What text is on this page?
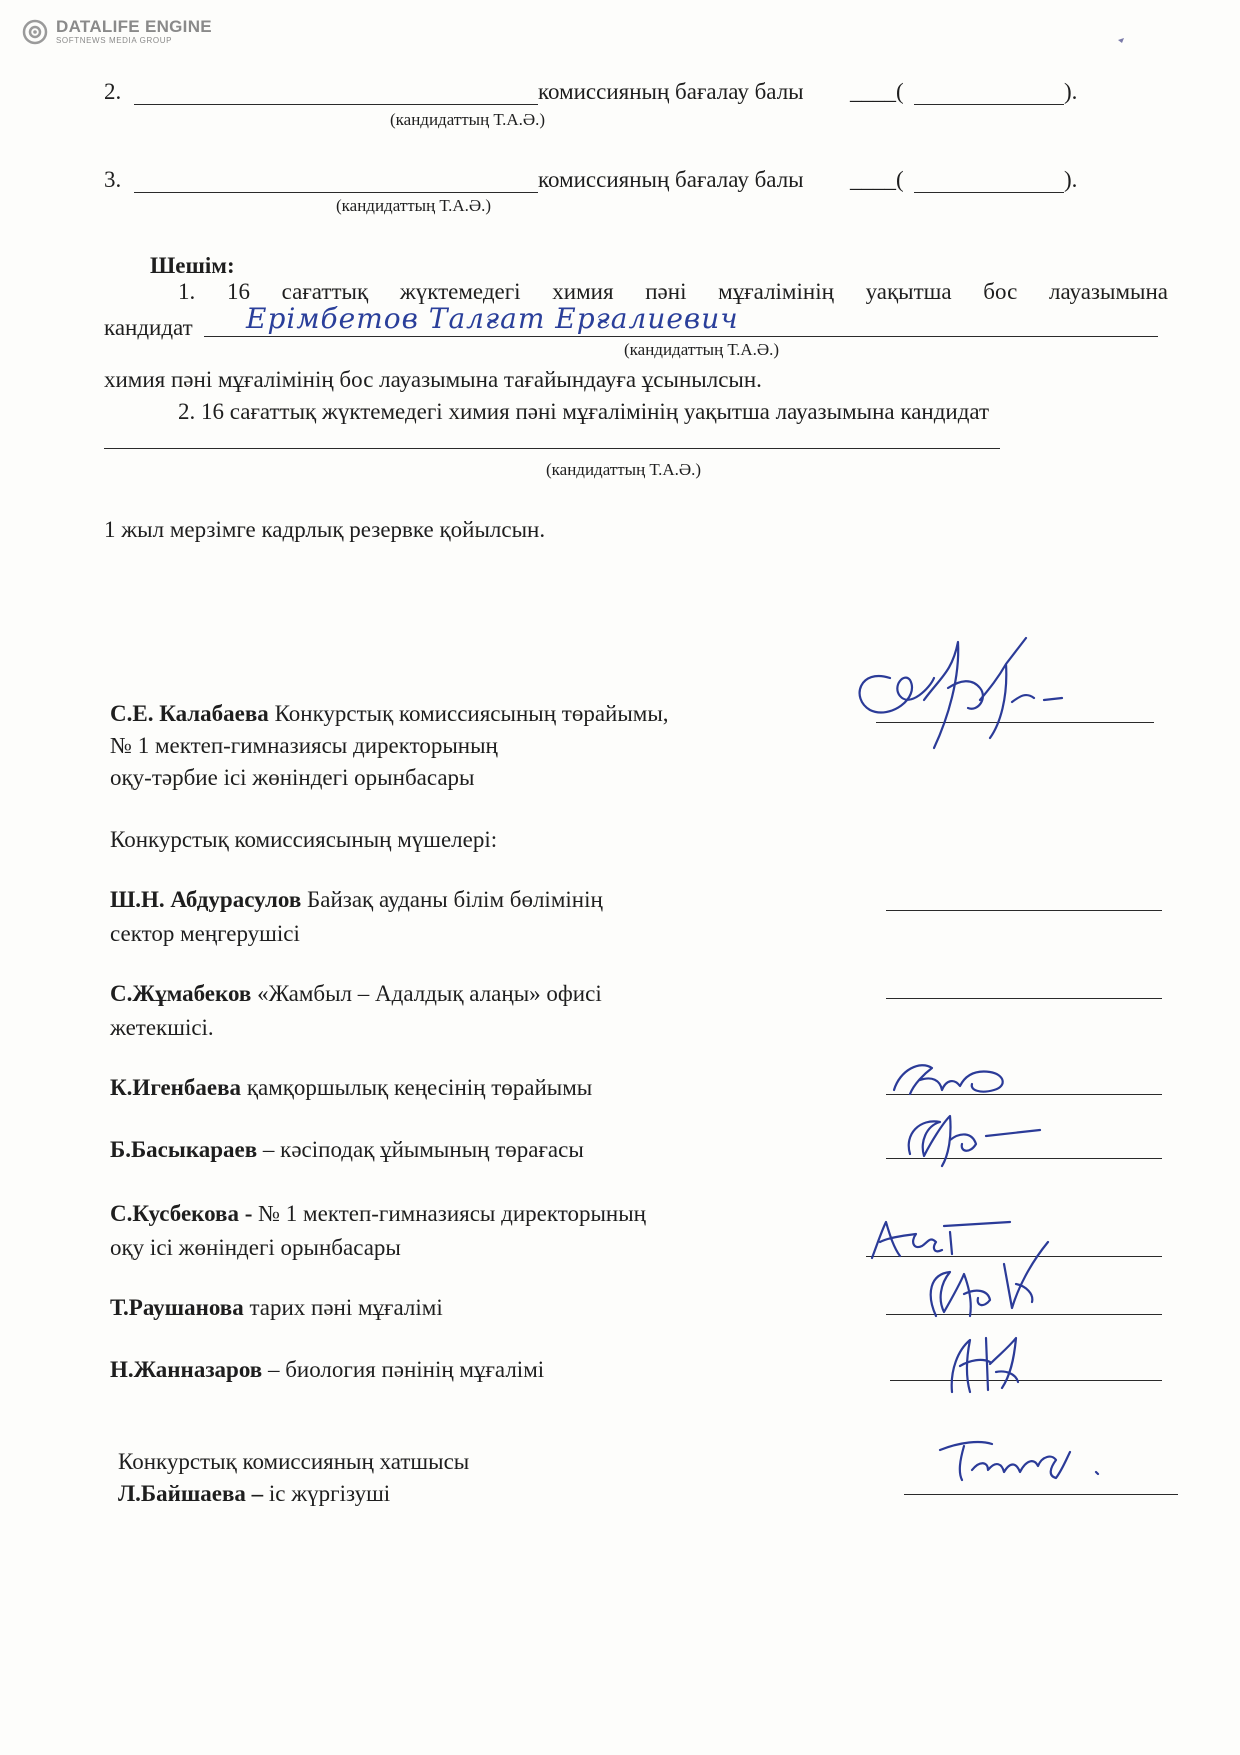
DATALIFE ENGINE
SOFTNEWS MEDIA GROUP
2.	комиссияның бағалау балы ____(	).
(кандидаттың Т.А.Ә.)
3.	комиссияның бағалау балы ____(	).
(кандидаттың Т.А.Ә.)
Шешім:
1. 16 сағаттық жүктемедегі химия пәні мұғалімінің уақытша бос лауазымына
кандидат Ерімбетов Талғат Ерғалиевич
(кандидаттың Т.А.Ә.)
химия пәні мұғалімінің бос лауазымына тағайындауға ұсынылсын.
2. 16 сағаттық жүктемедегі химия пәні мұғалімінің уақытша лауазымына кандидат
(кандидаттың Т.А.Ә.)
1 жыл мерзімге кадрлық резервке қойылсын.
С.Е. Калабаева Конкурстық комиссиясының төрайымы,
№ 1 мектеп-гимназиясы директорының
оқу-тәрбие ісі жөніндегі орынбасары
Конкурстық комиссиясының мүшелері:
Ш.Н. Абдурасулов Байзақ ауданы білім бөлімінің
сектор меңгерушісі
С.Жұмабеков «Жамбыл – Адалдық алаңы» офисі
жетекшісі.
К.Игенбаева қамқоршылық кеңесінің төрайымы
Б.Басыкараев – кәсіподақ ұйымының төрағасы
С.Кусбекова - № 1 мектеп-гимназиясы директорының
оқу ісі жөніндегі орынбасары
Т.Раушанова тарих пәні мұғалімі
Н.Жанназаров – биология пәнінің мұғалімі
Конкурстық комиссияның хатшысы
Л.Байшаева – іс жүргізуші
